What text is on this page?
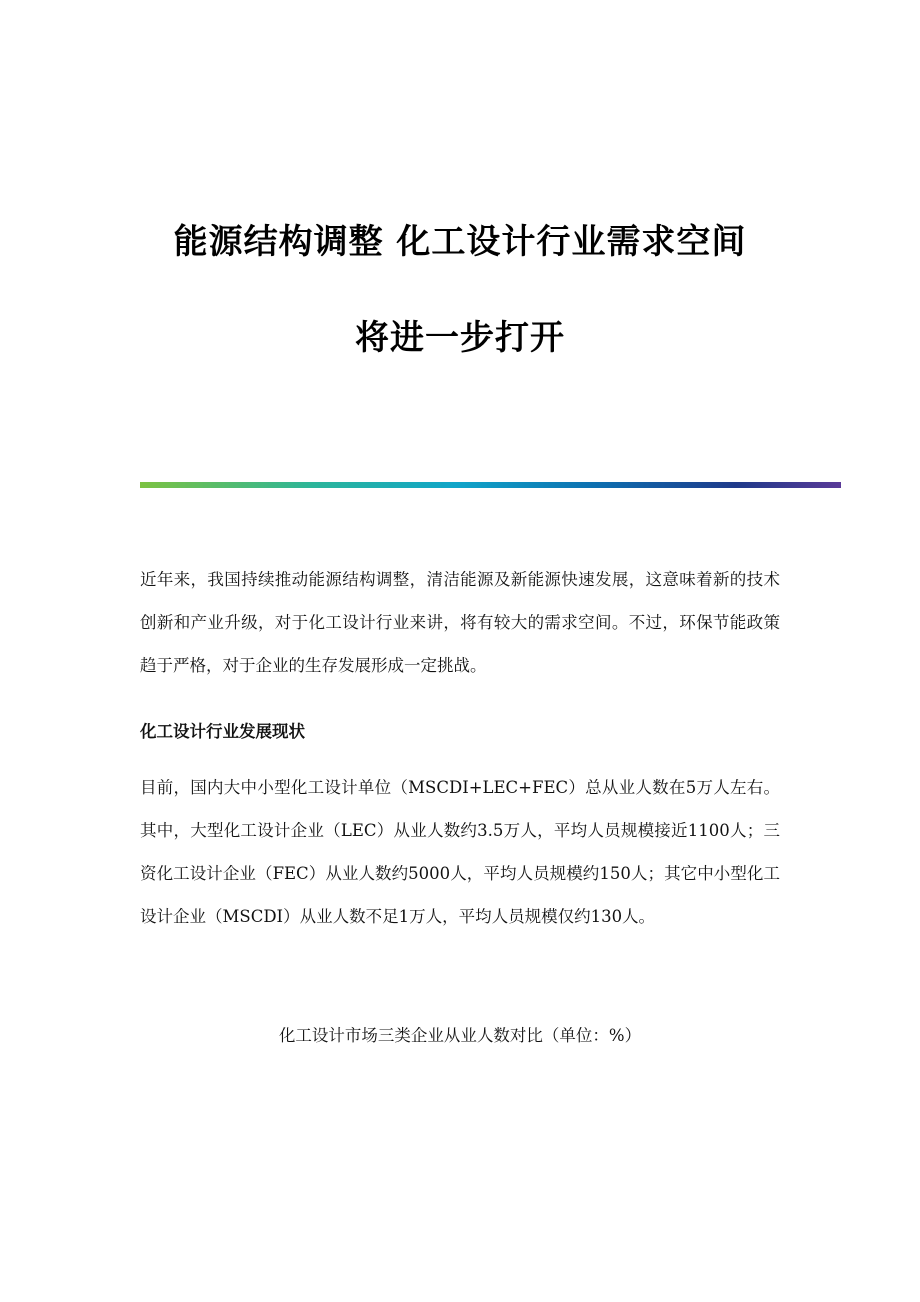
能源结构调整 化工设计行业需求空间
将进一步打开

近年来，我国持续推动能源结构调整，清洁能源及新能源快速发展，这意味着新的技术创新和产业升级，对于化工设计行业来讲，将有较大的需求空间。不过，环保节能政策趋于严格，对于企业的生存发展形成一定挑战。

化工设计行业发展现状

目前，国内大中小型化工设计单位（MSCDI+LEC+FEC）总从业人数在5万人左右。其中，大型化工设计企业（LEC）从业人数约3.5万人，平均人员规模接近1100人；三资化工设计企业（FEC）从业人数约5000人，平均人员规模约150人；其它中小型化工设计企业（MSCDI）从业人数不足1万人，平均人员规模仅约130人。

化工设计市场三类企业从业人数对比（单位：%）
